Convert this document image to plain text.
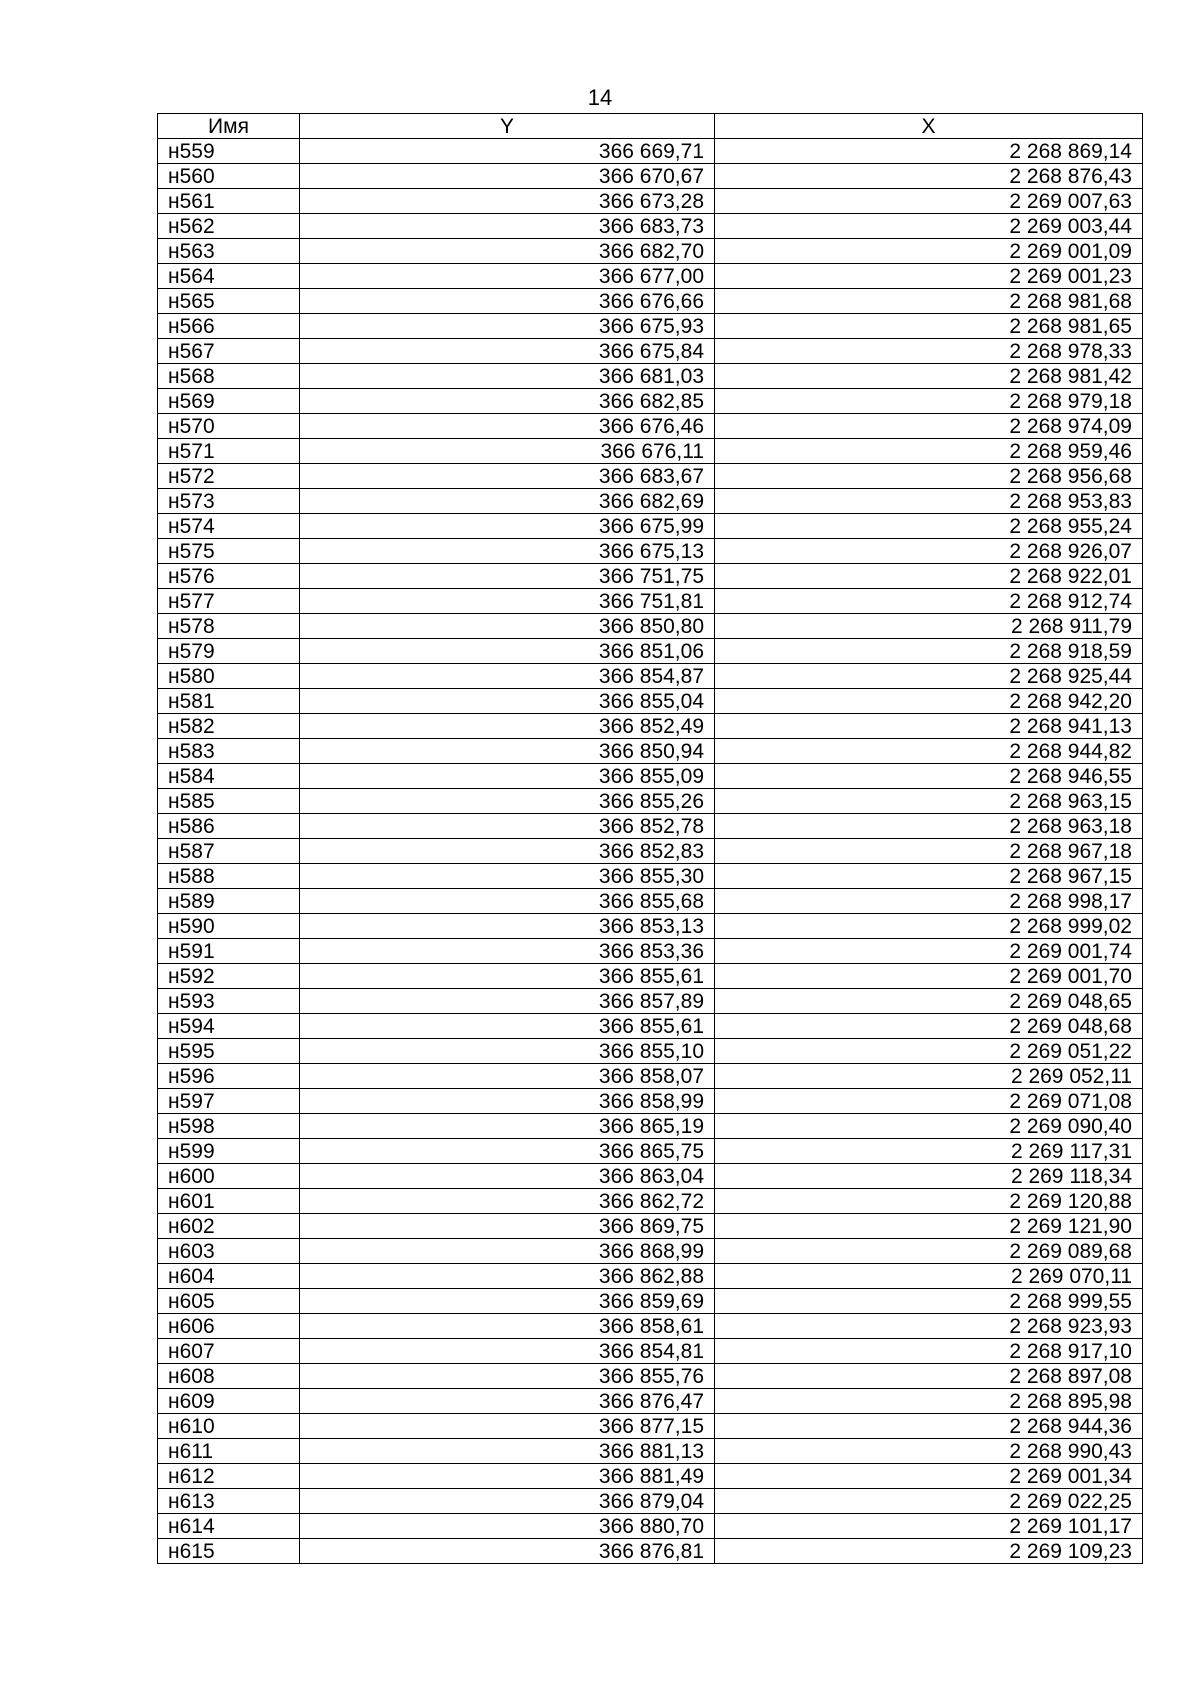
14
Имя	Y	X
н559	366 669,71	2 268 869,14
н560	366 670,67	2 268 876,43
н561	366 673,28	2 269 007,63
н562	366 683,73	2 269 003,44
н563	366 682,70	2 269 001,09
н564	366 677,00	2 269 001,23
н565	366 676,66	2 268 981,68
н566	366 675,93	2 268 981,65
н567	366 675,84	2 268 978,33
н568	366 681,03	2 268 981,42
н569	366 682,85	2 268 979,18
н570	366 676,46	2 268 974,09
н571	366 676,11	2 268 959,46
н572	366 683,67	2 268 956,68
н573	366 682,69	2 268 953,83
н574	366 675,99	2 268 955,24
н575	366 675,13	2 268 926,07
н576	366 751,75	2 268 922,01
н577	366 751,81	2 268 912,74
н578	366 850,80	2 268 911,79
н579	366 851,06	2 268 918,59
н580	366 854,87	2 268 925,44
н581	366 855,04	2 268 942,20
н582	366 852,49	2 268 941,13
н583	366 850,94	2 268 944,82
н584	366 855,09	2 268 946,55
н585	366 855,26	2 268 963,15
н586	366 852,78	2 268 963,18
н587	366 852,83	2 268 967,18
н588	366 855,30	2 268 967,15
н589	366 855,68	2 268 998,17
н590	366 853,13	2 268 999,02
н591	366 853,36	2 269 001,74
н592	366 855,61	2 269 001,70
н593	366 857,89	2 269 048,65
н594	366 855,61	2 269 048,68
н595	366 855,10	2 269 051,22
н596	366 858,07	2 269 052,11
н597	366 858,99	2 269 071,08
н598	366 865,19	2 269 090,40
н599	366 865,75	2 269 117,31
н600	366 863,04	2 269 118,34
н601	366 862,72	2 269 120,88
н602	366 869,75	2 269 121,90
н603	366 868,99	2 269 089,68
н604	366 862,88	2 269 070,11
н605	366 859,69	2 268 999,55
н606	366 858,61	2 268 923,93
н607	366 854,81	2 268 917,10
н608	366 855,76	2 268 897,08
н609	366 876,47	2 268 895,98
н610	366 877,15	2 268 944,36
н611	366 881,13	2 268 990,43
н612	366 881,49	2 269 001,34
н613	366 879,04	2 269 022,25
н614	366 880,70	2 269 101,17
н615	366 876,81	2 269 109,23
